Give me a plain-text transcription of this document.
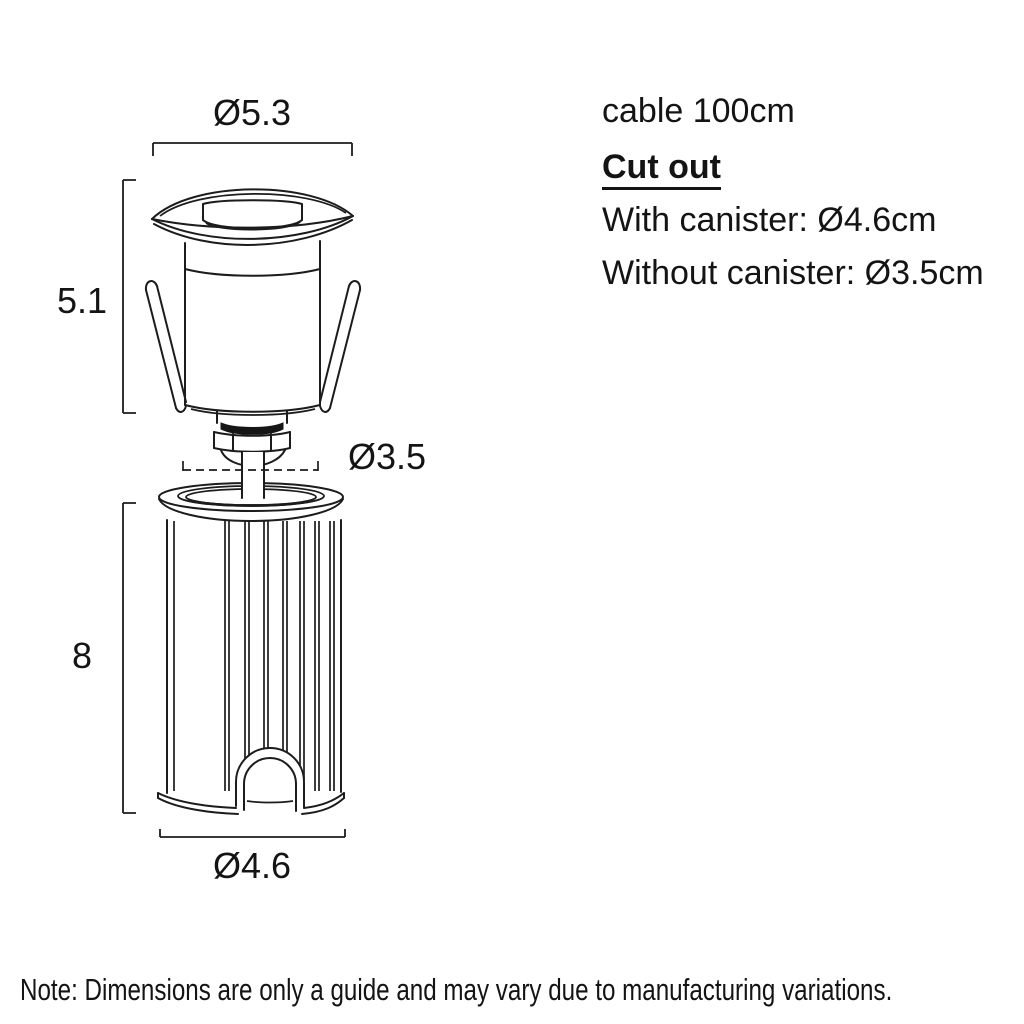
Ø5.3
5.1
Ø3.5
8
Ø4.6
cable 100cm
Cut out
With canister: Ø4.6cm
Without canister: Ø3.5cm
Note: Dimensions are only a guide and may vary due to manufacturing variations.
